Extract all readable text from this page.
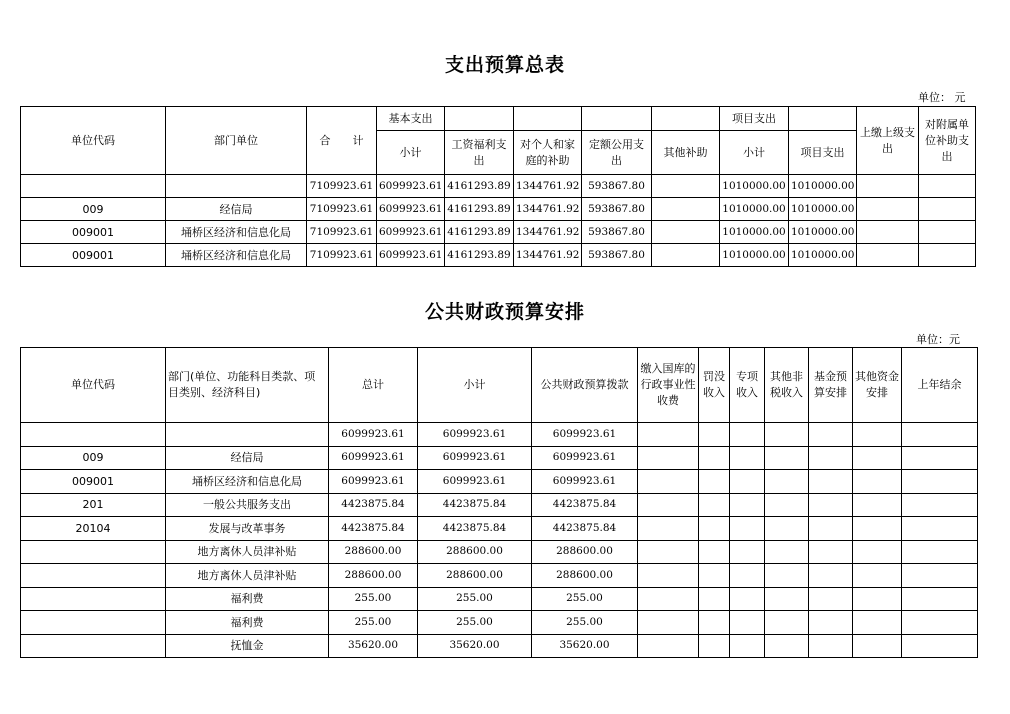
支出预算总表
单位： 元
单位代码	部门单位	合　　计	基本支出					项目支出		上缴上级支出	对附属单位补助支出
			小计	工资福利支出	对个人和家庭的补助	定额公用支出	其他补助	小计	项目支出		
		7109923.61	6099923.61	4161293.89	1344761.92	593867.80		1010000.00	1010000.00		
009	经信局	7109923.61	6099923.61	4161293.89	1344761.92	593867.80		1010000.00	1010000.00		
009001	埇桥区经济和信息化局	7109923.61	6099923.61	4161293.89	1344761.92	593867.80		1010000.00	1010000.00		
009001	埇桥区经济和信息化局	7109923.61	6099923.61	4161293.89	1344761.92	593867.80		1010000.00	1010000.00		
公共财政预算安排
单位：元
单位代码	部门(单位、功能科目类款、项目类别、经济科目)	总计	小计	公共财政预算拨款	缴入国库的行政事业性收费	罚没收入	专项收入	其他非税收入	基金预算安排	其他资金安排	上年结余
		6099923.61	6099923.61	6099923.61							
009	经信局	6099923.61	6099923.61	6099923.61							
009001	埇桥区经济和信息化局	6099923.61	6099923.61	6099923.61							
201	一般公共服务支出	4423875.84	4423875.84	4423875.84							
20104	发展与改革事务	4423875.84	4423875.84	4423875.84							
	地方离休人员津补贴	288600.00	288600.00	288600.00							
	地方离休人员津补贴	288600.00	288600.00	288600.00							
	福利费	255.00	255.00	255.00							
	福利费	255.00	255.00	255.00							
	抚恤金	35620.00	35620.00	35620.00							
